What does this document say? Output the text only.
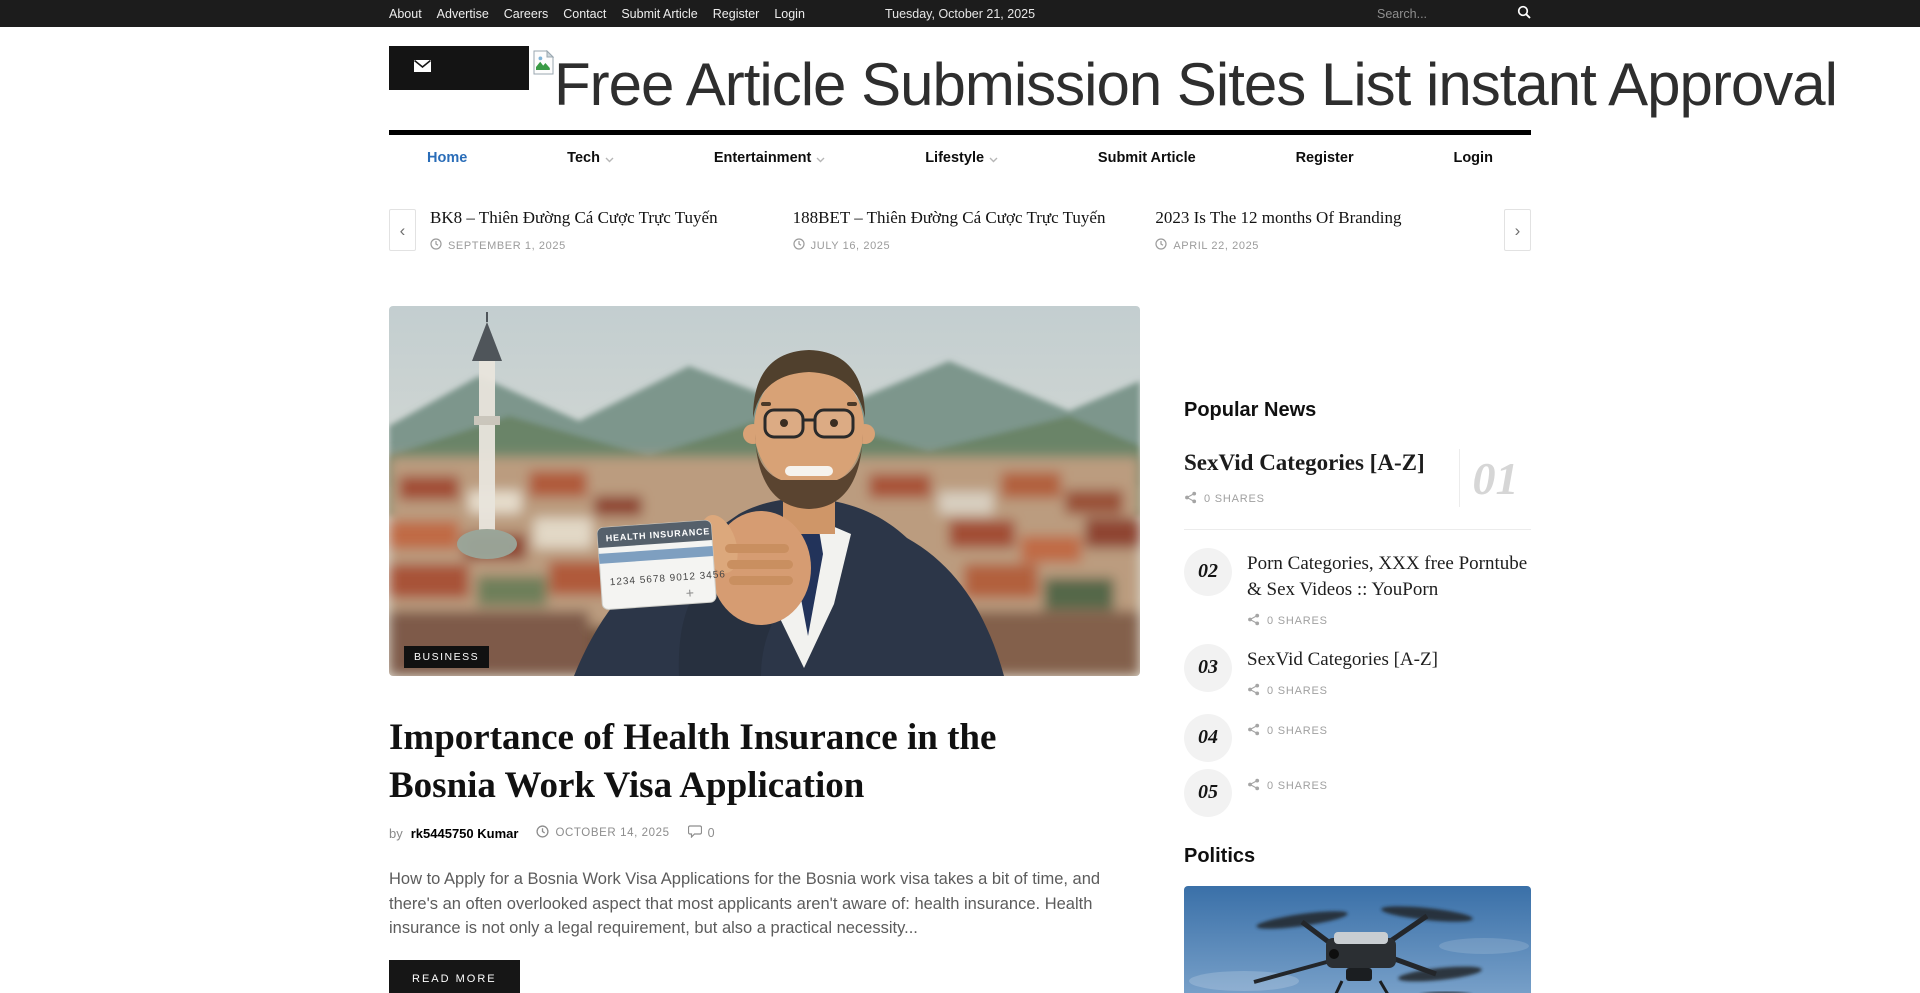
About Advertise Careers Contact Submit Article Register Login	Tuesday, October 21, 2025
Search...
Free Article Submission Sites List instant Approval
Home	Tech	Entertainment	Lifestyle	Submit Article	Register	Login
‹
BK8 – Thiên Đường Cá Cược Trực Tuyến
SEPTEMBER 1, 2025
188BET – Thiên Đường Cá Cược Trực Tuyến
JULY 16, 2025
2023 Is The 12 months Of Branding
APRIL 22, 2025
›
HEALTH INSURANCE
1234 5678 9012 3456
+
BUSINESS
Importance of Health Insurance in the Bosnia Work Visa Application
by rk5445750 Kumar	OCTOBER 14, 2025	0

How to Apply for a Bosnia Work Visa Applications for the Bosnia work visa takes a bit of time, and there's an often overlooked aspect that most applicants aren't aware of: health insurance. Health insurance is not only a legal requirement, but also a practical necessity...

READ MORE
Popular News
SexVid Categories [A-Z]
0 SHARES	01
02	Porn Categories, XXX free Porntube & Sex Videos :: YouPorn
0 SHARES
03	SexVid Categories [A-Z]
0 SHARES
04	0 SHARES
05	0 SHARES
Politics
